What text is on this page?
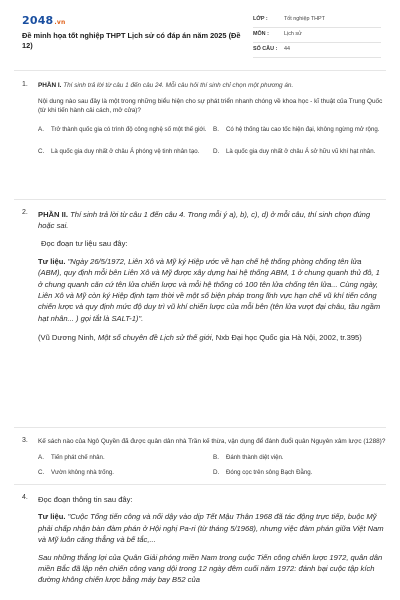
2048.vn
Đề minh họa tốt nghiệp THPT Lịch sử có đáp án năm 2025 (Đề 12)
LỚP :	Tốt nghiệp THPT
MÔN :	Lịch sử
SỐ CÂU : 44
1. PHẦN I. Thí sinh trả lời từ câu 1 đến câu 24. Mỗi câu hỏi thí sinh chỉ chọn một phương án.
Nội dung nào sau đây là một trong những biểu hiện cho sự phát triển nhanh chóng về khoa học - kĩ thuật của Trung Quốc (từ khi tiến hành cải cách, mở cửa)?
A. Trở thành quốc gia có trình độ công nghệ số một thế giới. B. Có hệ thống tàu cao tốc hiện đại, không ngừng mở rộng.
C. Là quốc gia duy nhất ở châu Á phóng vệ tinh nhân tạo. D. Là quốc gia duy nhất ở châu Á sở hữu vũ khí hạt nhân.
2. PHẦN II. Thí sinh trả lời từ câu 1 đến câu 4. Trong mỗi ý a), b), c), d) ở mỗi câu, thí sinh chọn đúng hoặc sai.
Đọc đoạn tư liệu sau đây:
Tư liệu. "Ngày 26/5/1972, Liên Xô và Mỹ ký Hiệp ước về hạn chế hệ thống phòng chống tên lửa (ABM), quy định mỗi bên Liên Xô và Mỹ được xây dựng hai hệ thống ABM, 1 ở chung quanh thủ đô, 1 ở chung quanh căn cứ tên lửa chiến lược và mỗi hệ thống có 100 tên lửa chống tên lửa... Cùng ngày, Liên Xô và Mỹ còn ký Hiệp định tạm thời về một số biện pháp trong lĩnh vực hạn chế vũ khí tiến công chiến lược và quy định mức độ duy trì vũ khí chiến lược của mỗi bên (tên lửa vượt đại châu, tầu ngầm hạt nhân... ) gọi tắt là SALT-1)".
(Vũ Dương Ninh, Một số chuyên đề Lịch sử thế giới, Nxb Đại học Quốc gia Hà Nội, 2002, tr.395)
3. Kế sách nào của Ngô Quyền đã được quân dân nhà Trần kế thừa, vận dụng để đánh đuổi quân Nguyên xâm lược (1288)?
A. Tiến phát chế nhân.	B. Đánh thành diệt viện.
C. Vườn không nhà trống.	D. Đóng cọc trên sông Bạch Đằng.
4. Đọc đoạn thông tin sau đây:
Tư liệu. "Cuộc Tổng tiến công và nổi dậy vào dịp Tết Mậu Thân 1968 đã tác động trực tiếp, buộc Mỹ phải chấp nhận bàn đàm phán ở Hội nghị Pa-ri (từ tháng 5/1968), nhưng việc đàm phán giữa Việt Nam và Mỹ luôn căng thẳng và bế tắc,...
Sau những thắng lợi của Quân Giải phóng miền Nam trong cuộc Tiến công chiến lược 1972, quân dân miền Bắc đã lập nên chiến công vang dội trong 12 ngày đêm cuối năm 1972: đánh bại cuộc tập kích đường không chiến lược bằng máy bay B52 của
